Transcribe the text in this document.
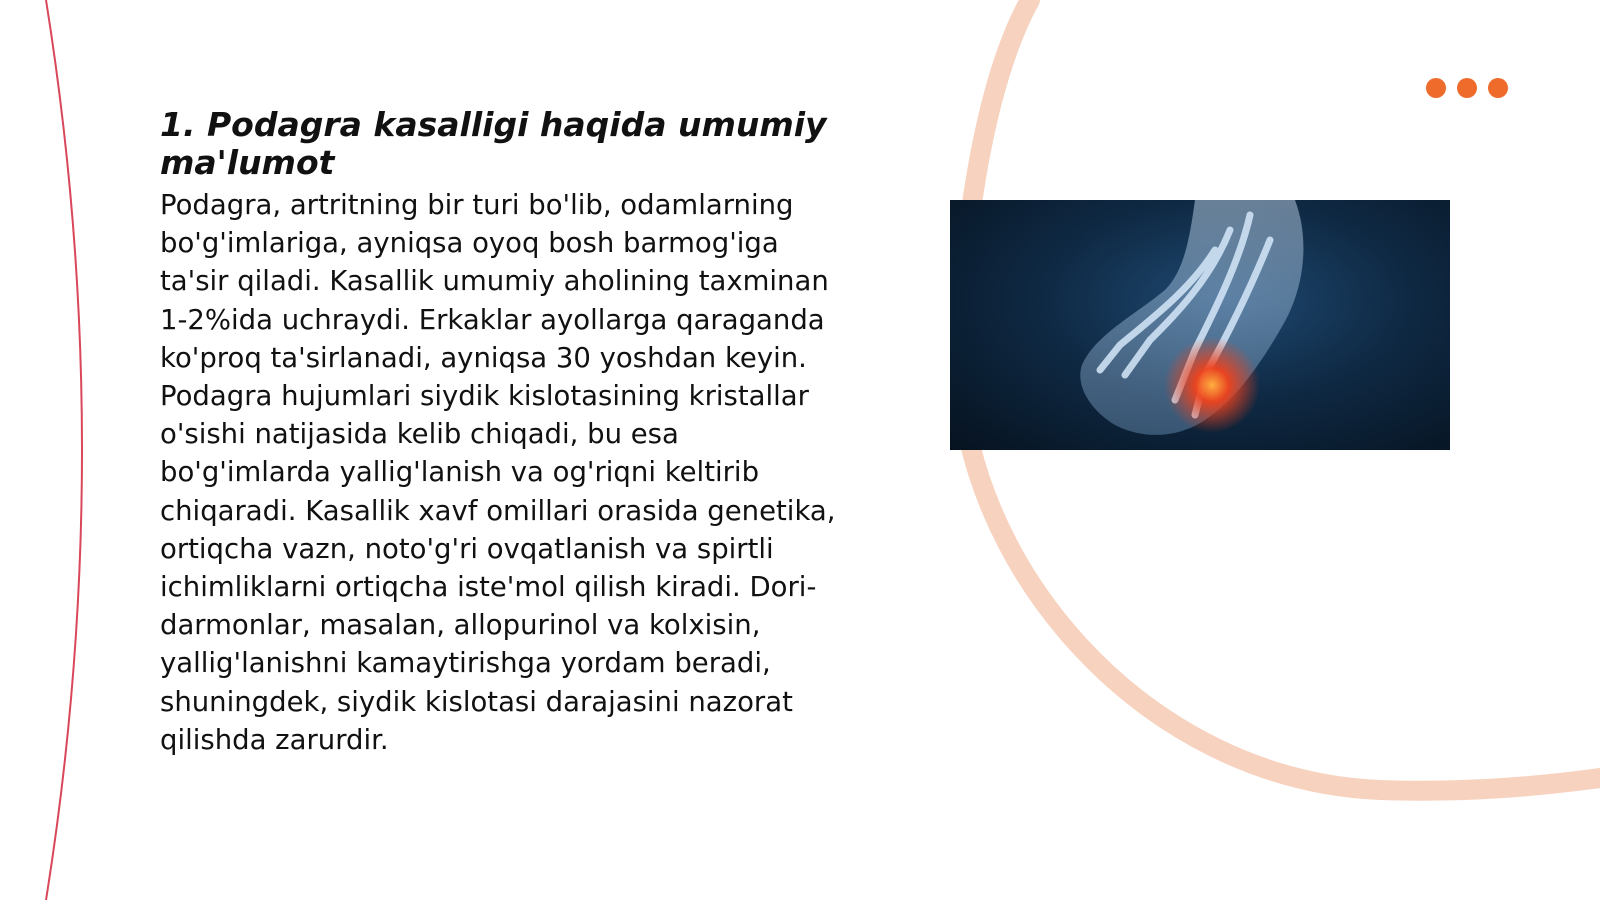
1. Podagra kasalligi haqida umumiy ma'lumot

Podagra, artritning bir turi bo'lib, odamlarning bo'g'imlariga, ayniqsa oyoq bosh barmog'iga ta'sir qiladi. Kasallik umumiy aholining taxminan 1-2%ida uchraydi. Erkaklar ayollarga qaraganda ko'proq ta'sirlanadi, ayniqsa 30 yoshdan keyin. Podagra hujumlari siydik kislotasining kristallar o'sishi natijasida kelib chiqadi, bu esa bo'g'imlarda yallig'lanish va og'riqni keltirib chiqaradi. Kasallik xavf omillari orasida genetika, ortiqcha vazn, noto'g'ri ovqatlanish va spirtli ichimliklarni ortiqcha iste'mol qilish kiradi. Dori-darmonlar, masalan, allopurinol va kolxisin, yallig'lanishni kamaytirishga yordam beradi, shuningdek, siydik kislotasi darajasini nazorat qilishda zarurdir.
